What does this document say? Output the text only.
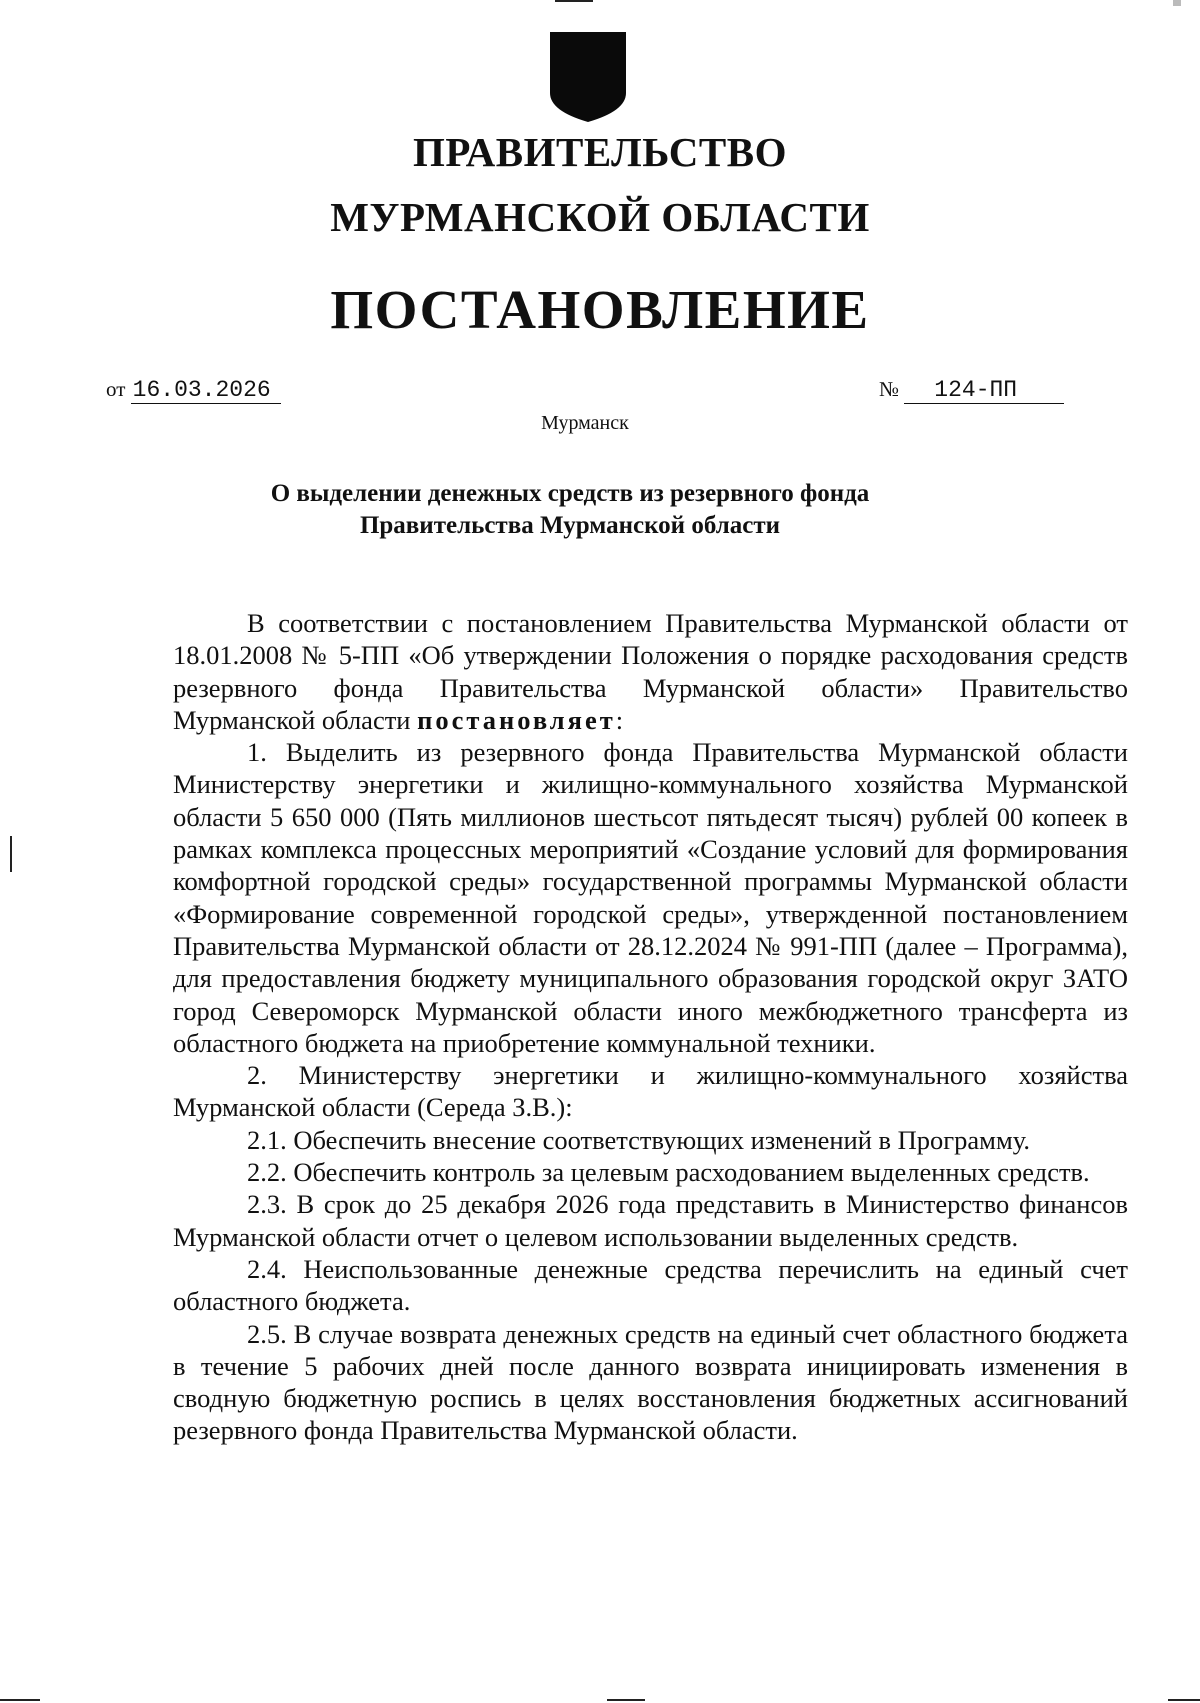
ПРАВИТЕЛЬСТВО
МУРМАНСКОЙ ОБЛАСТИ
ПОСТАНОВЛЕНИЕ
от 16.03.2026	№ 124-ПП
Мурманск
О выделении денежных средств из резервного фонда
Правительства Мурманской области

В соответствии с постановлением Правительства Мурманской области от 18.01.2008 № 5-ПП «Об утверждении Положения о порядке расходования средств резервного фонда Правительства Мурманской области» Правительство Мурманской области постановляет:

1. Выделить из резервного фонда Правительства Мурманской области Министерству энергетики и жилищно-коммунального хозяйства Мурманской области 5 650 000 (Пять миллионов шестьсот пятьдесят тысяч) рублей 00 копеек в рамках комплекса процессных мероприятий «Создание условий для формирования комфортной городской среды» государственной программы Мурманской области «Формирование современной городской среды», утвержденной постановлением Правительства Мурманской области от 28.12.2024 № 991-ПП (далее – Программа), для предоставления бюджету муниципального образования городской округ ЗАТО город Североморск Мурманской области иного межбюджетного трансферта из областного бюджета на приобретение коммунальной техники.

2. Министерству энергетики и жилищно-коммунального хозяйства Мурманской области (Середа З.В.):

2.1. Обеспечить внесение соответствующих изменений в Программу.

2.2. Обеспечить контроль за целевым расходованием выделенных средств.

2.3. В срок до 25 декабря 2026 года представить в Министерство финансов Мурманской области отчет о целевом использовании выделенных средств.

2.4. Неиспользованные денежные средства перечислить на единый счет областного бюджета.

2.5. В случае возврата денежных средств на единый счет областного бюджета в течение 5 рабочих дней после данного возврата инициировать изменения в сводную бюджетную роспись в целях восстановления бюджетных ассигнований резервного фонда Правительства Мурманской области.
